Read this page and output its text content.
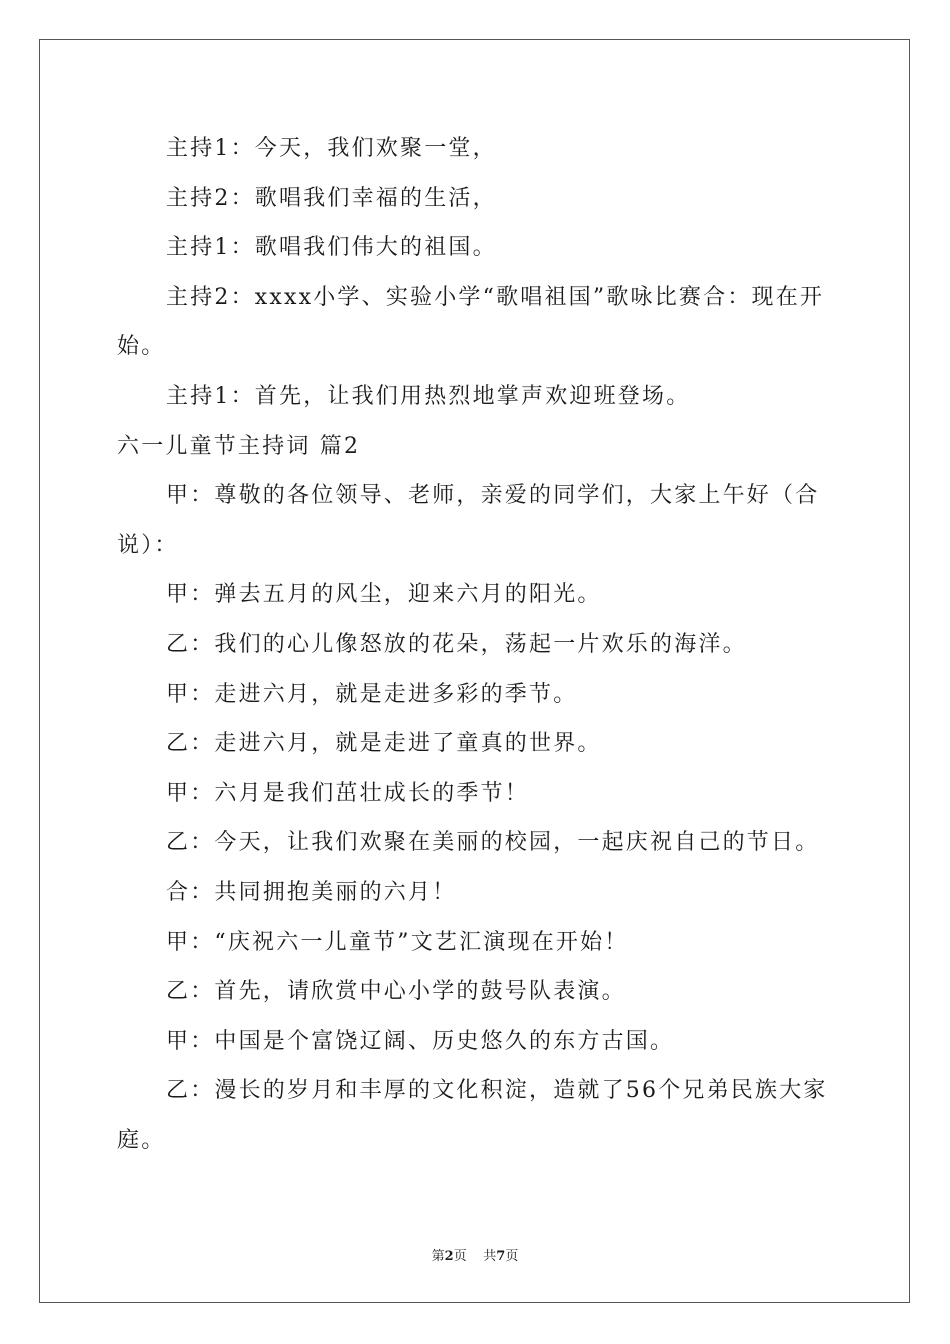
主持1：今天，我们欢聚一堂，

主持2：歌唱我们幸福的生活，

主持1：歌唱我们伟大的祖国。

主持2：xxxx小学、实验小学“歌唱祖国”歌咏比赛合：现在开始。

主持1：首先，让我们用热烈地掌声欢迎班登场。

六一儿童节主持词 篇2

甲：尊敬的各位领导、老师，亲爱的同学们，大家上午好（合说）：

甲：弹去五月的风尘，迎来六月的阳光。

乙：我们的心儿像怒放的花朵，荡起一片欢乐的海洋。

甲：走进六月，就是走进多彩的季节。

乙：走进六月，就是走进了童真的世界。

甲：六月是我们茁壮成长的季节！

乙：今天，让我们欢聚在美丽的校园，一起庆祝自己的节日。

合：共同拥抱美丽的六月！

甲：“庆祝六一儿童节”文艺汇演现在开始！

乙：首先，请欣赏中心小学的鼓号队表演。

甲：中国是个富饶辽阔、历史悠久的东方古国。

乙：漫长的岁月和丰厚的文化积淀，造就了56个兄弟民族大家庭。

第2页 共7页
